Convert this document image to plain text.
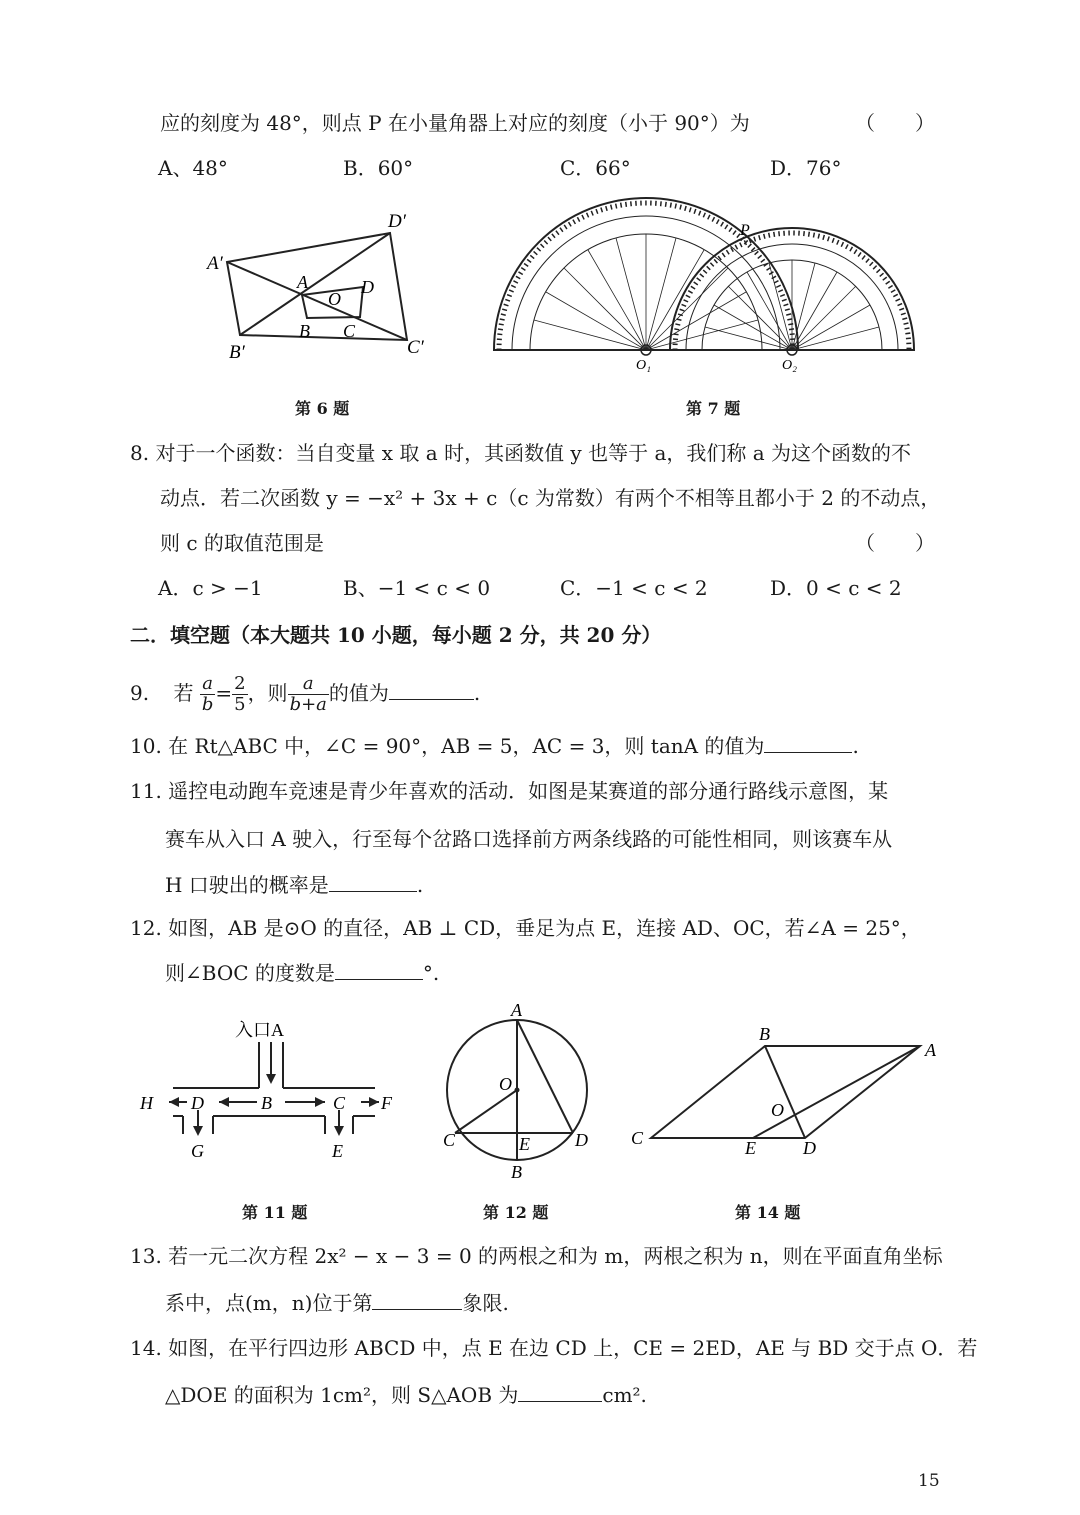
应的刻度为 48°，则点 P 在小量角器上对应的刻度（小于 90°）为	（　　）
A、48°	B．60°	C．66°	D．76°
A′
B′	C′
D′
A
B C
D
O
第 6 题
P
O₁	O₂
第 7 题
8. 对于一个函数：当自变量 x 取 a 时，其函数值 y 也等于 a，我们称 a 为这个函数的不
动点．若二次函数 y = −x² + 3x + c（c 为常数）有两个不相等且都小于 2 的不动点，
则 c 的取值范围是	（　　）
A．c > −1	B、−1 < c < 0	C．−1 < c < 2	D．0 < c < 2
二．填空题（本大题共 10 小题，每小题 2 分，共 20 分）
9. 若 $\frac{a}{b} = \frac{2}{5}$ ，则 $\frac{a}{b+a}$ 的值为	.
10. 在 Rt△ABC 中，∠C = 90°，AB = 5，AC = 3，则 tanA 的值为	.
11. 遥控电动跑车竞速是青少年喜欢的活动．如图是某赛道的部分通行路线示意图，某
赛车从入口 A 驶入，行至每个岔路口选择前方两条线路的可能性相同，则该赛车从
H 口驶出的概率是	.
12. 如图，AB 是⊙O 的直径，AB ⊥ CD，垂足为点 E，连接 AD、OC，若∠A = 25°，
则∠BOC 的度数是	°.
入口A
H D	B	C F
G	E
第 11 题
A
O
C	E	D
B
第 12 题
B
A
O
C	E	D
第 14 题
13. 若一元二次方程 2x² − x − 3 = 0 的两根之和为 m，两根之积为 n，则在平面直角坐标
系中，点(m，n)位于第	象限.
14. 如图，在平行四边形 ABCD 中，点 E 在边 CD 上，CE = 2ED，AE 与 BD 交于点 O．若
△DOE 的面积为 1cm²，则 S△AOB 为	cm².
15
